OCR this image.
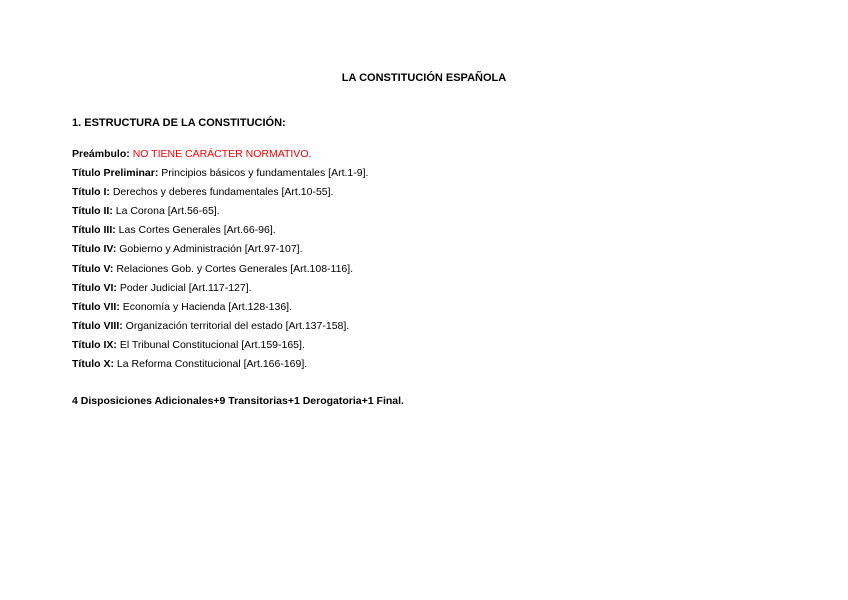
LA CONSTITUCIÓN ESPAÑOLA
1. ESTRUCTURA DE LA CONSTITUCIÓN:
Preámbulo: NO TIENE CARÁCTER NORMATIVO.
Título Preliminar: Principios básicos y fundamentales [Art.1-9].
Título I: Derechos y deberes fundamentales [Art.10-55].
Título II: La Corona [Art.56-65].
Título III: Las Cortes Generales [Art.66-96].
Título IV: Gobierno y Administración [Art.97-107].
Título V: Relaciones Gob. y Cortes Generales [Art.108-116].
Título VI: Poder Judicial [Art.117-127].
Título VII: Economía y Hacienda [Art.128-136].
Título VIII: Organización territorial del estado [Art.137-158].
Título IX: El Tribunal Constitucional [Art.159-165].
Título X: La Reforma Constitucional [Art.166-169].
4 Disposiciones Adicionales+9 Transitorias+1 Derogatoria+1 Final.
